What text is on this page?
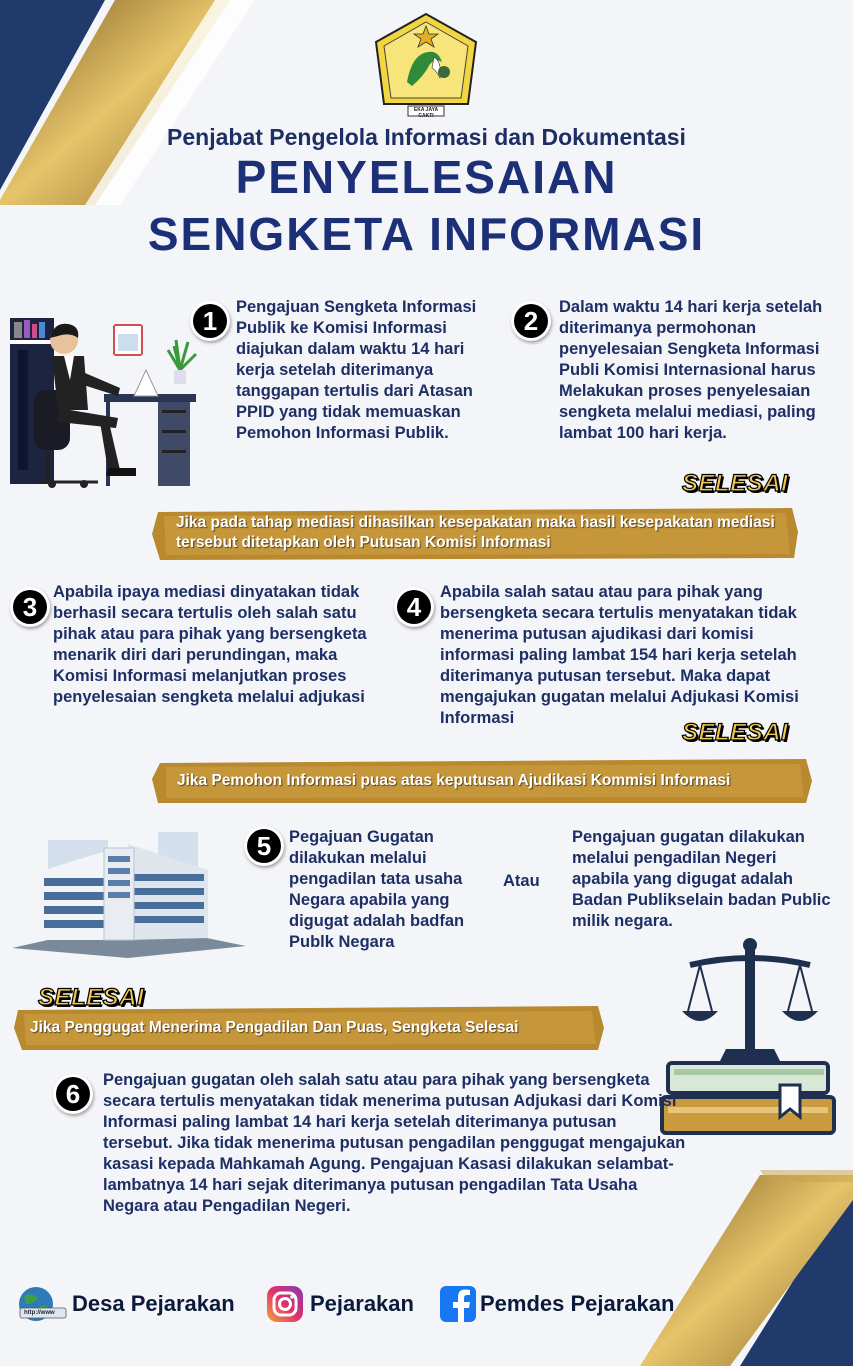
EKA JAYA CAKTI
Penjabat Pengelola Informasi dan Dokumentasi
PENYELESAIAN
SENGKETA INFORMASI
1	Pengajuan Sengketa Informasi Publik ke Komisi Informasi diajukan dalam waktu 14 hari kerja setelah diterimanya tanggapan tertulis dari Atasan PPID yang tidak memuaskan Pemohon Informasi Publik.
2	Dalam waktu 14 hari kerja setelah diterimanya permohonan penyelesaian Sengketa Informasi Publi Komisi Internasional harus Melakukan proses penyelesaian sengketa melalui mediasi, paling lambat 100 hari kerja.
SELESAI
Jika pada tahap mediasi dihasilkan kesepakatan maka hasil kesepakatan mediasi tersebut ditetapkan oleh Putusan Komisi Informasi
3 Apabila ipaya mediasi dinyatakan tidak berhasil secara tertulis oleh salah satu pihak atau para pihak yang bersengketa menarik diri dari perundingan, maka Komisi Informasi melanjutkan proses penyelesaian sengketa melalui adjukasi
4	Apabila salah satau atau para pihak yang bersengketa secara tertulis menyatakan tidak menerima putusan ajudikasi dari komisi informasi paling lambat 154 hari kerja setelah diterimanya putusan tersebut. Maka dapat mengajukan gugatan melalui Adjukasi Komisi Informasi
SELESAI
Jika Pemohon Informasi puas atas keputusan Ajudikasi Kommisi Informasi
5	Pegajuan Gugatan dilakukan melalui pengadilan tata usaha Negara apabila yang digugat adalah badfan Publk Negara
Atau
Pengajuan gugatan dilakukan melalui pengadilan Negeri apabila yang digugat adalah Badan Publikselain badan Public milik negara.
SELESAI
Jika Penggugat Menerima Pengadilan Dan Puas, Sengketa Selesai
6	Pengajuan gugatan oleh salah satu atau para pihak yang bersengketa secara tertulis menyatakan tidak menerima putusan Adjukasi dari Komisi Informasi paling lambat 14 hari kerja setelah diterimanya putusan tersebut. Jika tidak menerima putusan pengadilan penggugat mengajukan kasasi kepada Mahkamah Agung. Pengajuan Kasasi dilakukan selambat-lambatnya 14 hari sejak diterimanya putusan pengadilan Tata Usaha Negara atau Pengadilan Negeri.
http://www Desa Pejarakan	Pejarakan	Pemdes Pejarakan
